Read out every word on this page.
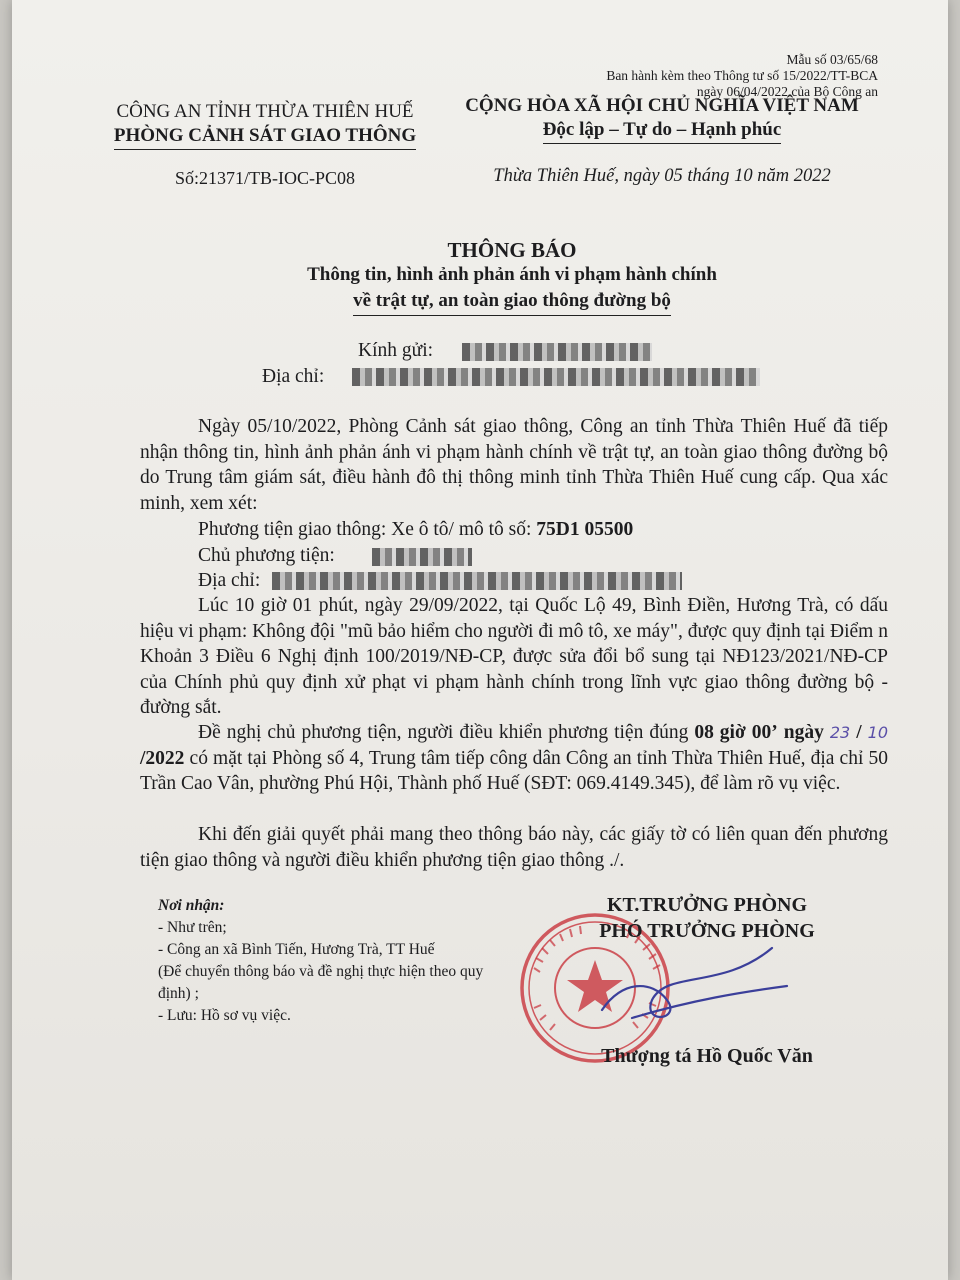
Mẫu số 03/65/68
Ban hành kèm theo Thông tư số 15/2022/TT-BCA
ngày 06/04/2022 của Bộ Công an
CÔNG AN TỈNH THỪA THIÊN HUẾ
PHÒNG CẢNH SÁT GIAO THÔNG
Số:21371/TB-IOC-PC08
CỘNG HÒA XÃ HỘI CHỦ NGHĨA VIỆT NAM
Độc lập – Tự do – Hạnh phúc
Thừa Thiên Huế, ngày 05 tháng 10 năm 2022
THÔNG BÁO
Thông tin, hình ảnh phản ánh vi phạm hành chính
về trật tự, an toàn giao thông đường bộ
Kính gửi:
Địa chỉ:
Ngày 05/10/2022, Phòng Cảnh sát giao thông, Công an tỉnh Thừa Thiên Huế đã tiếp nhận thông tin, hình ảnh phản ánh vi phạm hành chính về trật tự, an toàn giao thông đường bộ do Trung tâm giám sát, điều hành đô thị thông minh tỉnh Thừa Thiên Huế cung cấp. Qua xác minh, xem xét:
Phương tiện giao thông: Xe ô tô/ mô tô số: 75D1 05500
Chủ phương tiện:
Địa chỉ:
Lúc 10 giờ 01 phút, ngày 29/09/2022, tại Quốc Lộ 49, Bình Điền, Hương Trà, có dấu hiệu vi phạm: Không đội "mũ bảo hiểm cho người đi mô tô, xe máy", được quy định tại Điểm n Khoản 3 Điều 6 Nghị định 100/2019/NĐ-CP, được sửa đổi bổ sung tại NĐ123/2021/NĐ-CP của Chính phủ quy định xử phạt vi phạm hành chính trong lĩnh vực giao thông đường bộ - đường sắt.
Đề nghị chủ phương tiện, người điều khiển phương tiện đúng 08 giờ 00’ ngày 23 / 10 /2022 có mặt tại Phòng số 4, Trung tâm tiếp công dân Công an tỉnh Thừa Thiên Huế, địa chỉ 50 Trần Cao Vân, phường Phú Hội, Thành phố Huế (SĐT: 069.4149.345), để làm rõ vụ việc.
Khi đến giải quyết phải mang theo thông báo này, các giấy tờ có liên quan đến phương tiện giao thông và người điều khiển phương tiện giao thông ./.
Nơi nhận:
- Như trên;
- Công an xã Bình Tiến, Hương Trà, TT Huế
(Để chuyển thông báo và đề nghị thực hiện theo quy định) ;
- Lưu: Hồ sơ vụ việc.
KT.TRƯỞNG PHÒNG
PHÓ TRƯỞNG PHÒNG
Thượng tá Hồ Quốc Văn
